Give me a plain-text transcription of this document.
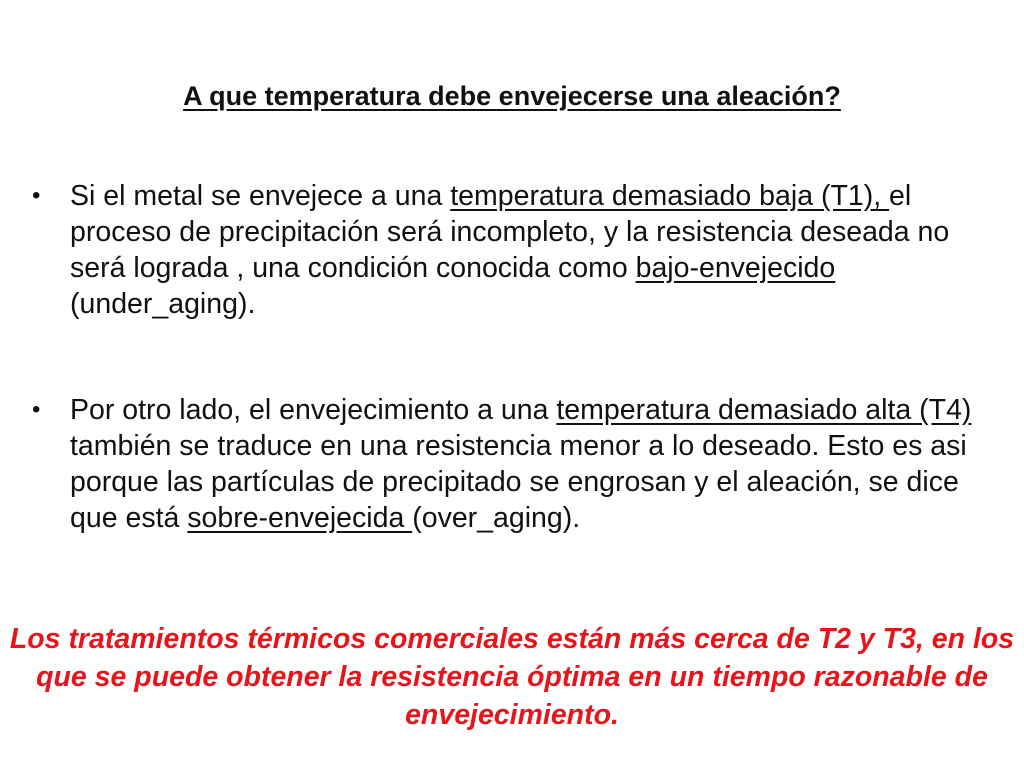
A que temperatura debe envejecerse una aleación?
• Si el metal se envejece a una temperatura demasiado baja (T1), el proceso de precipitación será incompleto, y la resistencia deseada no será lograda , una condición conocida como bajo-envejecido (under_aging).
• Por otro lado, el envejecimiento a una temperatura demasiado alta (T4) también se traduce en una resistencia menor a lo deseado. Esto es asi porque las partículas de precipitado se engrosan y el aleación, se dice que está sobre-envejecida (over_aging).

Los tratamientos térmicos comerciales están más cerca de T2 y T3, en los que se puede obtener la resistencia óptima en un tiempo razonable de envejecimiento.
